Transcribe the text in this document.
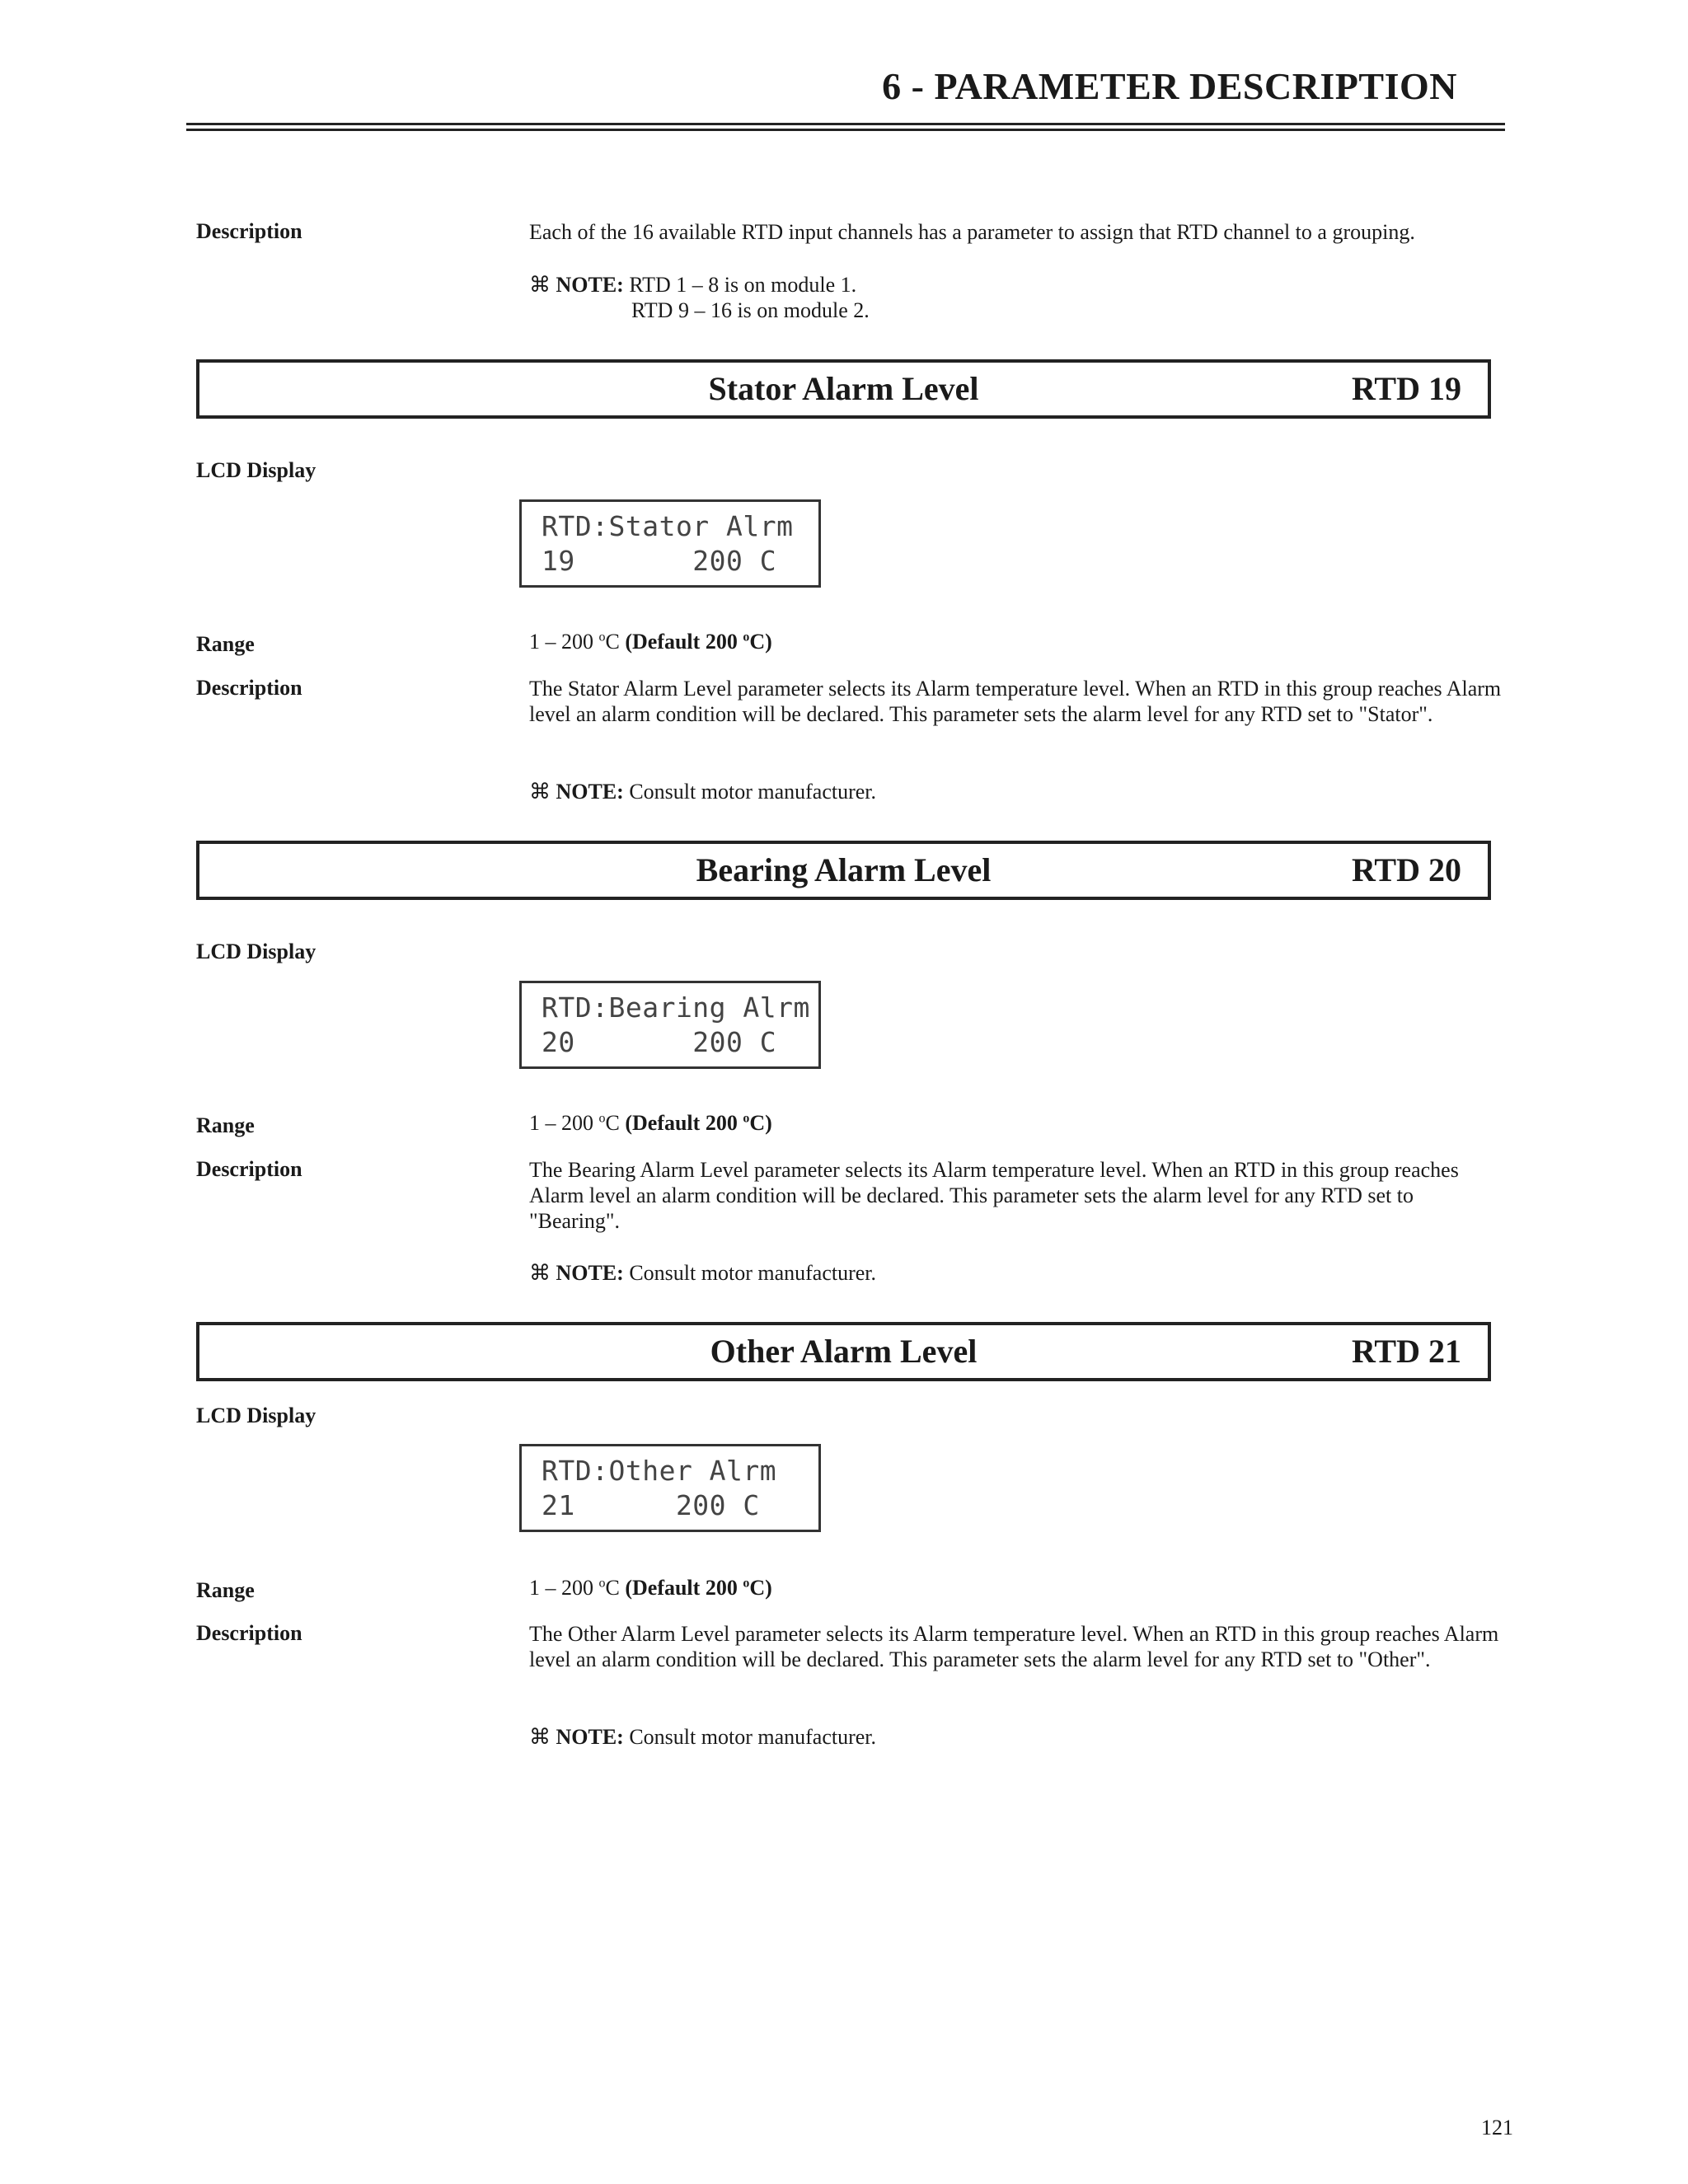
6 - PARAMETER DESCRIPTION
Description	Each of the 16 available RTD input channels has a parameter to assign that RTD channel to a grouping.
⌘ NOTE: RTD 1 – 8 is on module 1.
RTD 9 – 16 is on module 2.
Stator Alarm Level	RTD 19
LCD Display
RTD:Stator Alrm
19       200 C
Range	1 – 200 $^o$C (Default 200 $^o$C)
Description	The Stator Alarm Level parameter selects its Alarm temperature level. When an RTD in this group reaches Alarm level an alarm condition will be declared. This parameter sets the alarm level for any RTD set to "Stator".
⌘ NOTE: Consult motor manufacturer.
Bearing Alarm Level	RTD 20
LCD Display
RTD:Bearing Alrm
20       200 C
Range	1 – 200 $^o$C (Default 200 $^o$C)
Description	The Bearing Alarm Level parameter selects its Alarm temperature level. When an RTD in this group reaches Alarm level an alarm condition will be declared. This parameter sets the alarm level for any RTD set to "Bearing".
⌘ NOTE: Consult motor manufacturer.
Other Alarm Level	RTD 21
LCD Display
RTD:Other Alrm
21      200 C
Range	1 – 200 $^o$C (Default 200 $^o$C)
Description	The Other Alarm Level parameter selects its Alarm temperature level. When an RTD in this group reaches Alarm level an alarm condition will be declared. This parameter sets the alarm level for any RTD set to "Other".
⌘ NOTE: Consult motor manufacturer.
121
